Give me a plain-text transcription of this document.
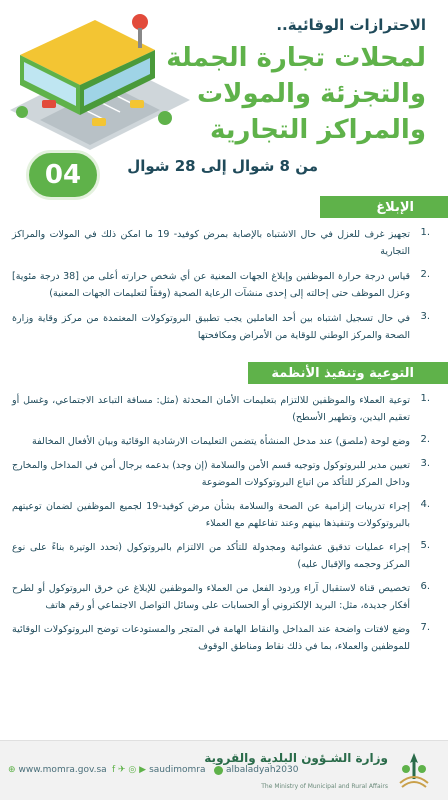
الاحترازات الوقائية..
لمحلات تجارة الجملة
والتجزئة والمولات
والمراكز التجارية
من 8 شوال إلى 28 شوال
04
الإبلاغ
1.
تجهيز غرف للعزل في حال الاشتباه بالإصابة بمرض كوفيد- 19 ما امكن ذلك في المولات والمراكز التجارية
2.
قياس درجة حرارة الموظفين وإبلاغ الجهات المعنية عن أي شخص حرارته أعلى من [38 درجة مئوية] وعزل الموظف حتى إحالته إلى إحدى منشآت الرعاية الصحية (وفقاً لتعليمات الجهات المعنية)
3.
في حال تسجيل اشتباه بين أحد العاملين يجب تطبيق البروتوكولات المعتمدة من مركز وقاية وزارة الصحة والمركز الوطني للوقاية من الأمراض ومكافحتها
التوعية وتنفيذ الأنظمة
1.
توعية العملاء والموظفين للالتزام بتعليمات الأمان المحدثة (مثل: مسافة التباعد الاجتماعي، وغسل أو تعقيم اليدين، وتطهير الأسطح)
2.
وضع لوحة (ملصق) عند مدخل المنشأة يتضمن التعليمات الارشادية الوقائية وبيان الأفعال المخالفة
3.
تعيين مدير للبروتوكول وتوجيه قسم الأمن والسلامة (إن وجد) بدعمه برجال أمن في المداخل والمخارج وداخل المركز للتأكد من اتباع البروتوكولات الموضوعة
4.
إجراء تدريبات إلزامية عن الصحة والسلامة بشأن مرض كوفيد-19 لجميع الموظفين لضمان توعيتهم بالبروتوكولات وتنفيذها بينهم وعند تفاعلهم مع العملاء
5.
إجراء عمليات تدقيق عشوائية ومجدولة للتأكد من الالتزام بالبروتوكول (تحدد الوتيرة بناءً على نوع المركز وحجمه والإقبال عليه)
6.
تخصيص قناة لاستقبال آراء وردود الفعل من العملاء والموظفين للإبلاغ عن خرق البروتوكول أو لطرح أفكار جديدة، مثل: البريد الإلكتروني أو الحسابات على وسائل التواصل الاجتماعي أو رقم هاتف
7.
وضع لافتات واضحة عند المداخل والنقاط الهامة في المتجر والمستودعات توضح البروتوكولات الوقائية للموظفين والعملاء، بما في ذلك نقاط ومناطق الوقوف
وزارة الشـؤون البلدية والقروية
The Ministry of Municipal and Rural Affairs
albaladyah2030
f ✈ ◎ ▶ saudimomra
⊕ www.momra.gov.sa
